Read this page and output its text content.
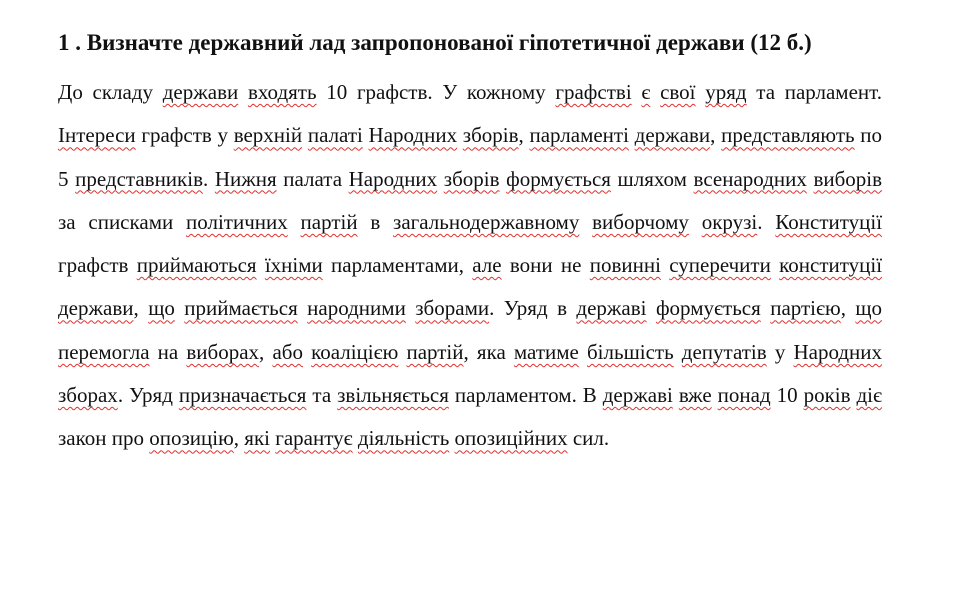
1 . Визначте державний лад запропонованої гіпотетичної держави (12 б.)

До складу держави входять 10 графств. У кожному графстві є свої уряд та парламент. Інтереси графств у верхній палаті Народних зборів, парламенті держави, представляють по 5 представників. Нижня палата Народних зборів формується шляхом всенародних виборів за списками політичних партій в загальнодержавному виборчому окрузі. Конституції графств приймаються їхніми парламентами, але вони не повинні суперечити конституції держави, що приймається народними зборами. Уряд в державі формується партією, що перемогла на виборах, або коаліцією партій, яка матиме більшість депутатів у Народних зборах. Уряд призначається та звільняється парламентом. В державі вже понад 10 років діє закон про опозицію, які гарантує діяльність опозиційних сил.
